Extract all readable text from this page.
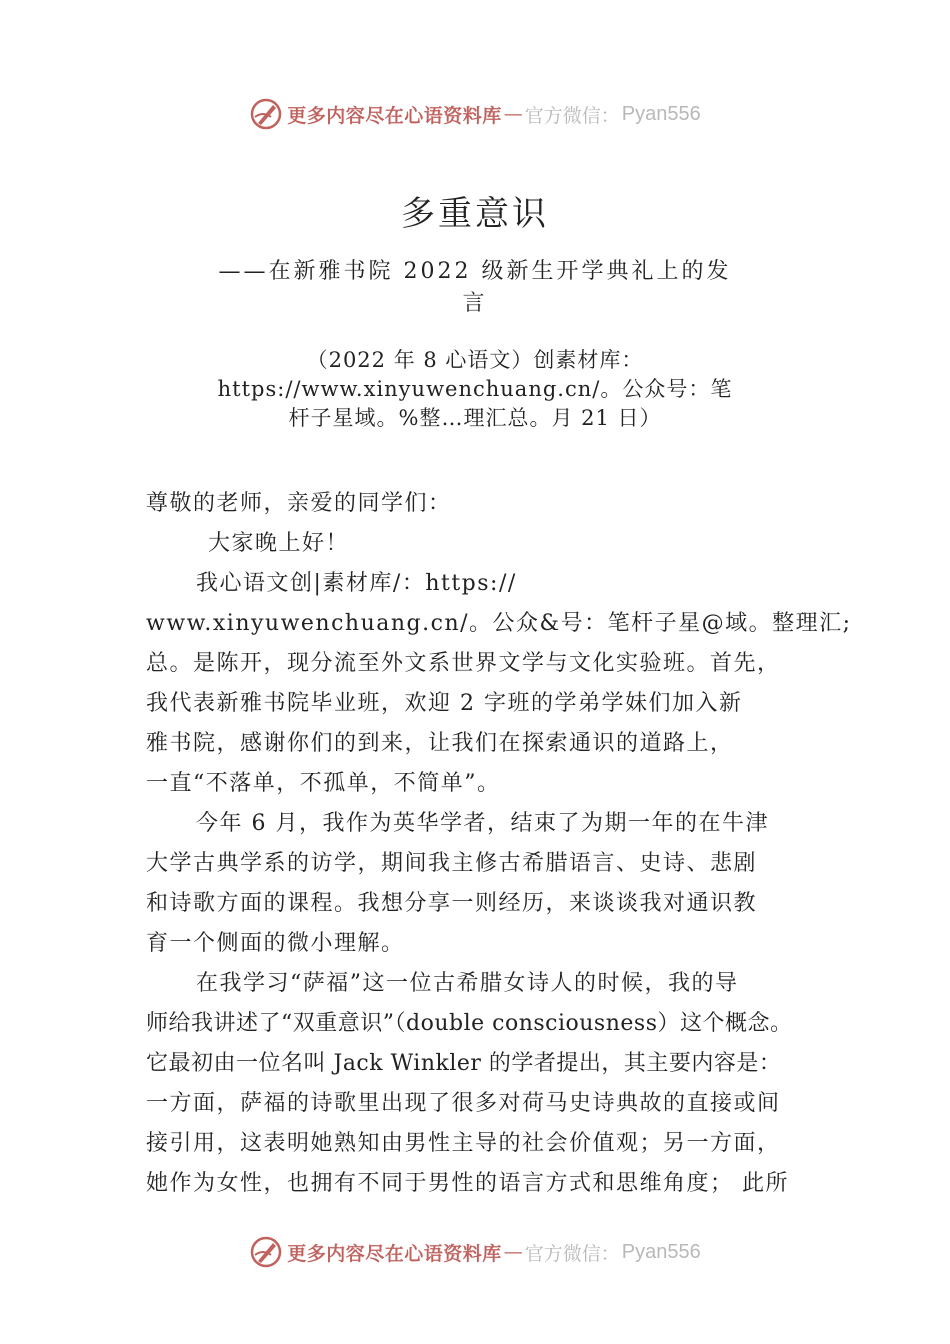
更多内容尽在心语资料库 — 官方微信： Pyan556
多重意识
——在新雅书院 2022 级新生开学典礼上的发
言
（2022 年 8 心语文）创素材库：
https://www.xinyuwenchuang.cn/。公众号：笔
杆子星域。%整…理汇总。月 21 日）
尊敬的老师，亲爱的同学们：
大家晚上好！
我心语文创|素材库/：https://
www.xinyuwenchuang.cn/。公众&号：笔杆子星@域。整理汇;
总。是陈开，现分流至外文系世界文学与文化实验班。首先，
我代表新雅书院毕业班，欢迎 2 字班的学弟学妹们加入新
雅书院，感谢你们的到来，让我们在探索通识的道路上，
一直“不落单，不孤单，不简单”。
今年 6 月，我作为英华学者，结束了为期一年的在牛津
大学古典学系的访学，期间我主修古希腊语言、史诗、悲剧
和诗歌方面的课程。我想分享一则经历，来谈谈我对通识教
育一个侧面的微小理解。
在我学习“萨福”这一位古希腊女诗人的时候，我的导
师给我讲述了“双重意识”（double consciousness）这个概念。
它最初由一位名叫 Jack Winkler 的学者提出，其主要内容是：
一方面，萨福的诗歌里出现了很多对荷马史诗典故的直接或间
接引用，这表明她熟知由男性主导的社会价值观；另一方面，
她作为女性，也拥有不同于男性的语言方式和思维角度； 此所
更多内容尽在心语资料库 — 官方微信： Pyan556
